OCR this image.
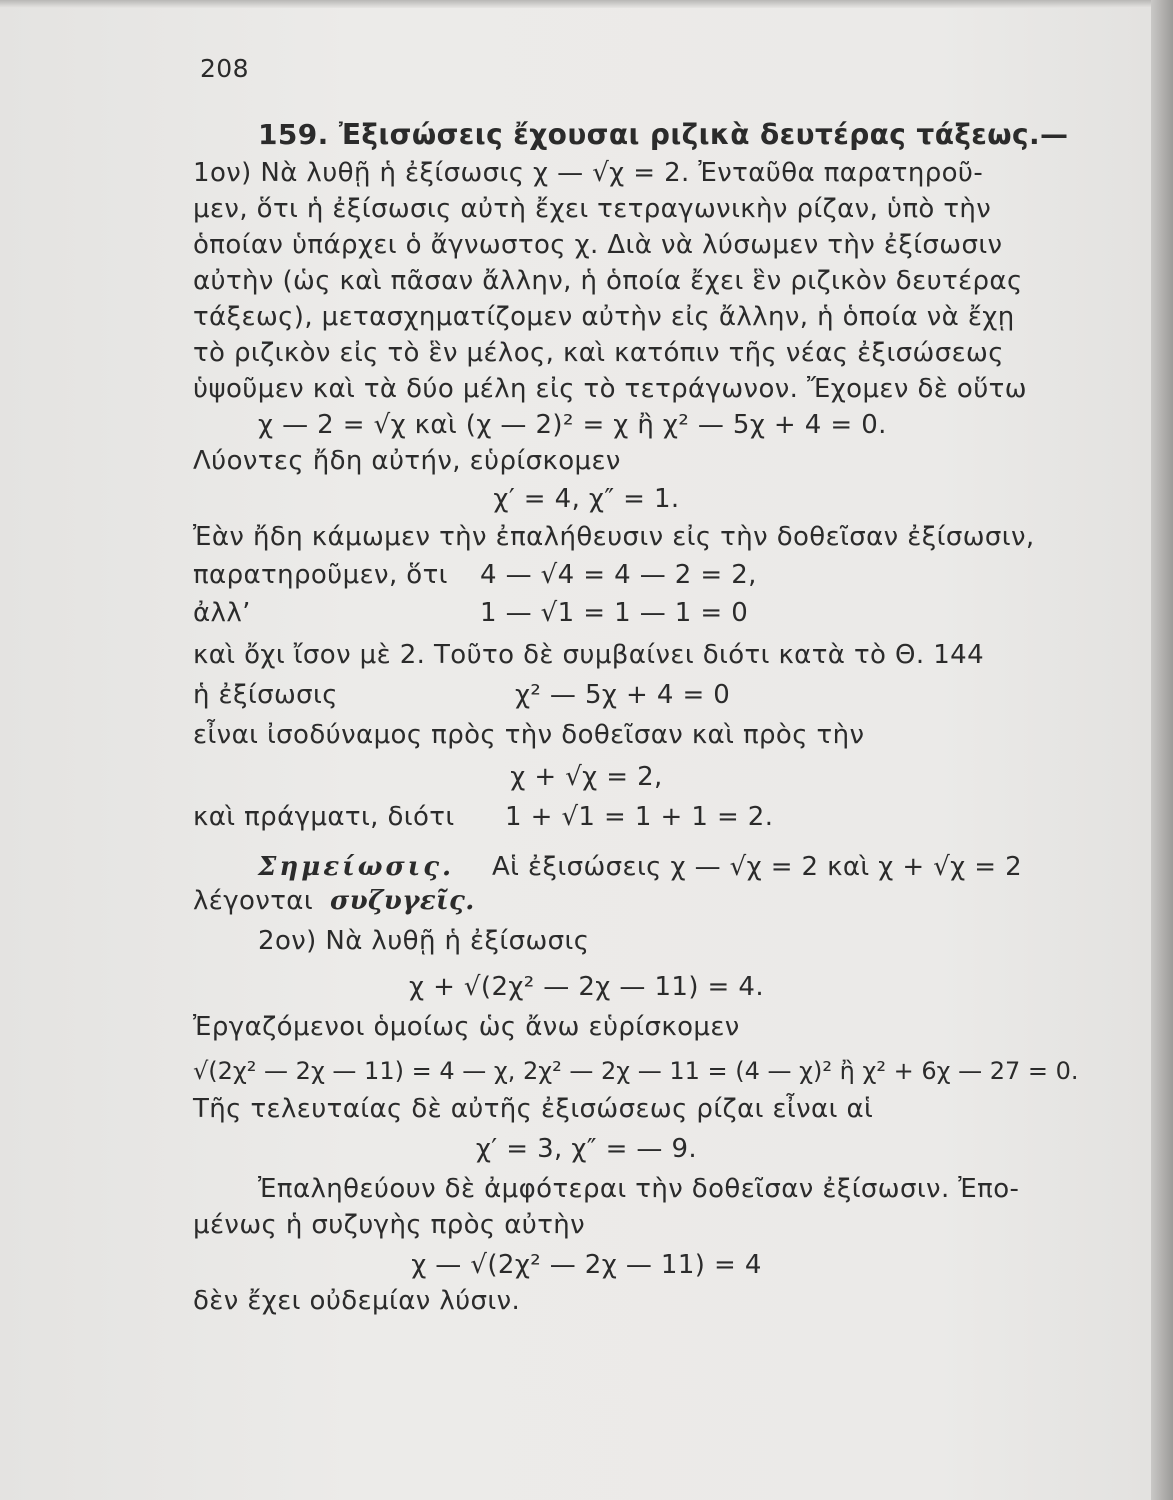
208
159. Ἐξισώσεις ἔχουσαι ριζικὰ δευτέρας τάξεως.—
1ον) Νὰ λυθῇ ἡ ἐξίσωσις χ — √χ = 2. Ἐνταῦθα παρατηροῦ-
μεν, ὅτι ἡ ἐξίσωσις αὐτὴ ἔχει τετραγωνικὴν ρίζαν, ὑπὸ τὴν
ὁποίαν ὑπάρχει ὁ ἄγνωστος χ. Διὰ νὰ λύσωμεν τὴν ἐξίσωσιν
αὐτὴν (ὡς καὶ πᾶσαν ἄλλην, ἡ ὁποία ἔχει ἓν ριζικὸν δευτέρας
τάξεως), μετασχηματίζομεν αὐτὴν εἰς ἄλλην, ἡ ὁποία νὰ ἔχῃ
τὸ ριζικὸν εἰς τὸ ἓν μέλος, καὶ κατόπιν τῆς νέας ἐξισώσεως
ὑψοῦμεν καὶ τὰ δύο μέλη εἰς τὸ τετράγωνον. Ἔχομεν δὲ οὕτω
χ — 2 = √χ καὶ (χ — 2)² = χ ἢ χ² — 5χ + 4 = 0.
Λύοντες ἤδη αὐτήν, εὑρίσκομεν
χ′ = 4, χ″ = 1.
Ἐὰν ἤδη κάμωμεν τὴν ἐπαλήθευσιν εἰς τὴν δοθεῖσαν ἐξίσωσιν,
παρατηροῦμεν, ὅτι 4 — √4 = 4 — 2 = 2,
ἀλλ’	1 — √1 = 1 — 1 = 0
καὶ ὄχι ἴσον μὲ 2. Τοῦτο δὲ συμβαίνει διότι κατὰ τὸ Θ. 144
ἡ ἐξίσωσις	χ² — 5χ + 4 = 0
εἶναι ἰσοδύναμος πρὸς τὴν δοθεῖσαν καὶ πρὸς τὴν
χ + √χ = 2,
καὶ πράγματι, διότι 1 + √1 = 1 + 1 = 2.
Σημείωσις. Αἱ ἐξισώσεις χ — √χ = 2 καὶ χ + √χ = 2
λέγονται συζυγεῖς.
2ον) Νὰ λυθῇ ἡ ἐξίσωσις
χ + √(2χ² — 2χ — 11) = 4.
Ἐργαζόμενοι ὁμοίως ὡς ἄνω εὑρίσκομεν
√(2χ² — 2χ — 11) = 4 — χ, 2χ² — 2χ — 11 = (4 — χ)² ἢ χ² + 6χ — 27 = 0.
Τῆς τελευταίας δὲ αὐτῆς ἐξισώσεως ρίζαι εἶναι αἱ
χ′ = 3, χ″ = — 9.
Ἐπαληθεύουν δὲ ἀμφότεραι τὴν δοθεῖσαν ἐξίσωσιν. Ἐπο-
μένως ἡ συζυγὴς πρὸς αὐτὴν
χ — √(2χ² — 2χ — 11) = 4
δὲν ἔχει οὐδεμίαν λύσιν.
